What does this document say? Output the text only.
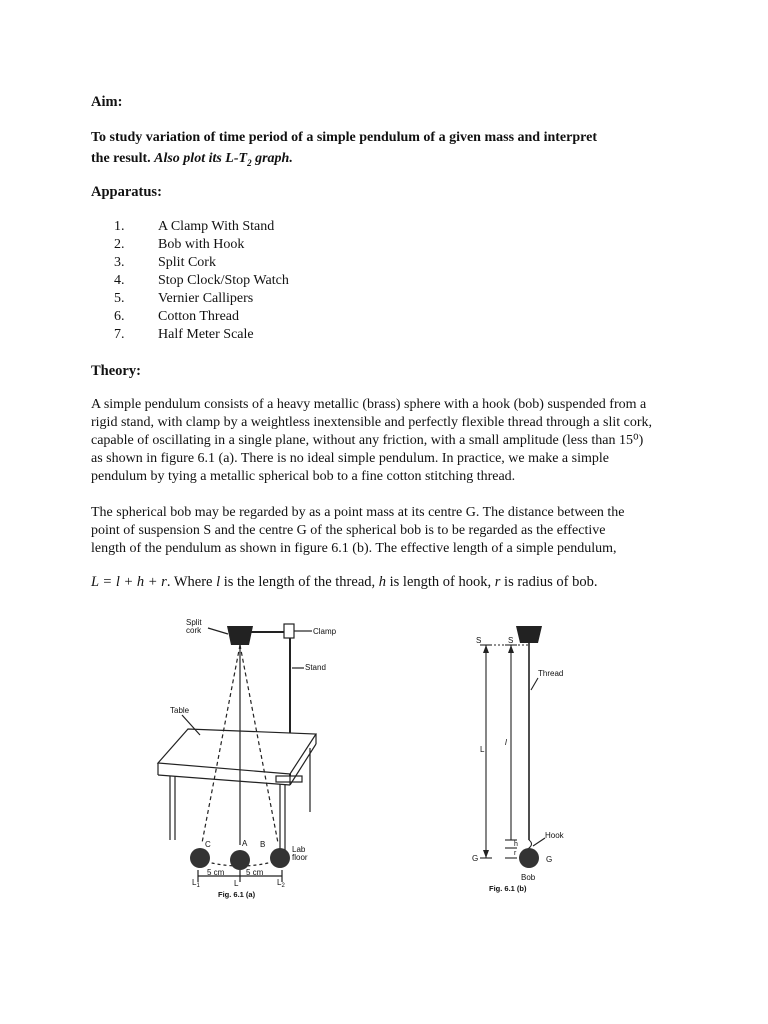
Aim:
To study variation of time period of a simple pendulum of a given mass and interpret
the result. Also plot its $L-T_2$ graph.
Apparatus:
1. A Clamp With Stand
2. Bob with Hook
3. Split Cork
4. Stop Clock/Stop Watch
5. Vernier Callipers
6. Cotton Thread
7. Half Meter Scale
Theory:
A simple pendulum consists of a heavy metallic (brass) sphere with a hook (bob) suspended from a
rigid stand, with clamp by a weightless inextensible and perfectly flexible thread through a slit cork,
capable of oscillating in a single plane, without any friction, with a small amplitude (less than 15⁰)
as shown in figure 6.1 (a). There is no ideal simple pendulum. In practice, we make a simple
pendulum by tying a metallic spherical bob to a fine cotton stitching thread.
The spherical bob may be regarded by as a point mass at its centre G. The distance between the
point of suspension S and the centre G of the spherical bob is to be regarded as the effective
length of the pendulum as shown in figure 6.1 (b). The effective length of a simple pendulum,
L = l + h + r. Where l is the length of the thread, h is length of hook, r is radius of bob.
Split
cork	Clamp
Stand
Table
C	A B
Lab
floor
5 cm	5 cm
$L_1$	L	$L_2$
Fig. 6.1 (a)
S	S
Thread
L
l
Hook
h
r
G	G
Bob
Fig. 6.1 (b)
